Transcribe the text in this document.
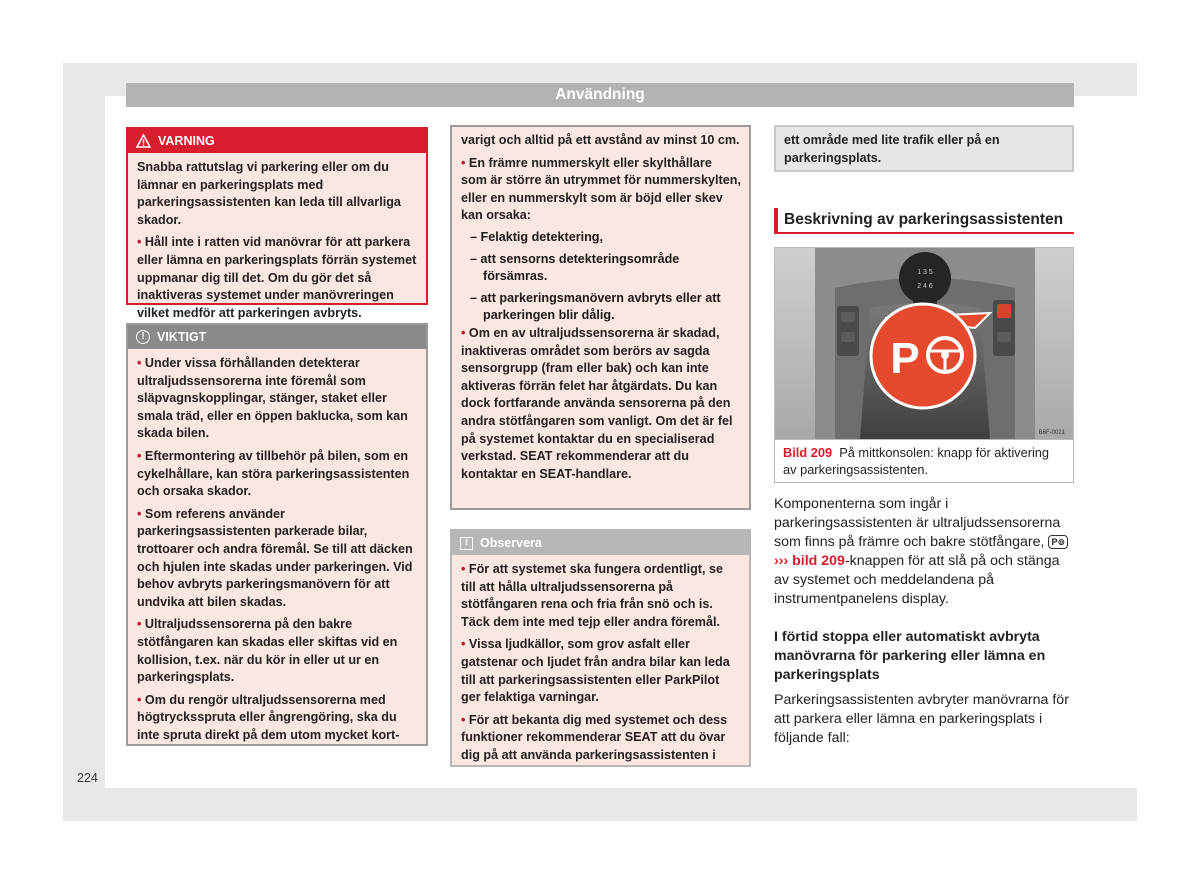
Användning
VARNING

Snabba rattutslag vi parkering eller om du lämnar en parkeringsplats med parkeringsassistenten kan leda till allvarliga skador.

• Håll inte i ratten vid manövrar för att parkera eller lämna en parkeringsplats förrän systemet uppmanar dig till det. Om du gör det så inaktiveras systemet under manövreringen vilket medför att parkeringen avbryts.

! VIKTIGT

• Under vissa förhållanden detekterar ultraljudssensorerna inte föremål som släpvagnskopplingar, stänger, staket eller smala träd, eller en öppen baklucka, som kan skada bilen.

• Eftermontering av tillbehör på bilen, som en cykelhållare, kan störa parkeringsassistenten och orsaka skador.

• Som referens använder parkeringsassistenten parkerade bilar, trottoarer och andra föremål. Se till att däcken och hjulen inte skadas under parkeringen. Vid behov avbryts parkeringsmanövern för att undvika att bilen skadas.

• Ultraljudssensorerna på den bakre stötfångaren kan skadas eller skiftas vid en kollision, t.ex. när du kör in eller ut ur en parkeringsplats.

• Om du rengör ultraljudssensorerna med högtrycksspruta eller ångrengöring, ska du inte spruta direkt på dem utom mycket kort-

varigt och alltid på ett avstånd av minst 10 cm.

• En främre nummerskylt eller skylthållare som är större än utrymmet för nummerskylten, eller en nummerskylt som är böjd eller skev kan orsaka:

– Felaktig detektering,

– att sensorns detekteringsområde försämras.

– att parkeringsmanövern avbryts eller att parkeringen blir dålig.

• Om en av ultraljudssensorerna är skadad, inaktiveras området som berörs av sagda sensorgrupp (fram eller bak) och kan inte aktiveras förrän felet har åtgärdats. Du kan dock fortfarande använda sensorerna på den andra stötfångaren som vanligt. Om det är fel på systemet kontaktar du en specialiserad verkstad. SEAT rekommenderar att du kontaktar en SEAT-handlare.

i Observera

• För att systemet ska fungera ordentligt, se till att hålla ultraljudssensorerna på stötfångaren rena och fria från snö och is. Täck dem inte med tejp eller andra föremål.

• Vissa ljudkällor, som grov asfalt eller gatstenar och ljudet från andra bilar kan leda till att parkeringsassistenten eller ParkPilot ger felaktiga varningar.

• För att bekanta dig med systemet och dess funktioner rekommenderar SEAT att du övar dig på att använda parkeringsassistenten i

ett område med lite trafik eller på en parkeringsplats.

Beskrivning av parkeringsassistenten
1 3 5
2 4 6
P
B6F-0021
Bild 209 På mittkonsolen: knapp för aktivering av parkeringsassistenten.

Komponenterna som ingår i parkeringsassistenten är ultraljudssensorerna som finns på främre och bakre stötfångare, P⊚ ››› bild 209-knappen för att slå på och stänga av systemet och meddelandena på instrumentpanelens display.

I förtid stoppa eller automatiskt avbryta manövrarna för parkering eller lämna en parkeringsplats

Parkeringsassistenten avbryter manövrarna för att parkera eller lämna en parkeringsplats i följande fall:

224
